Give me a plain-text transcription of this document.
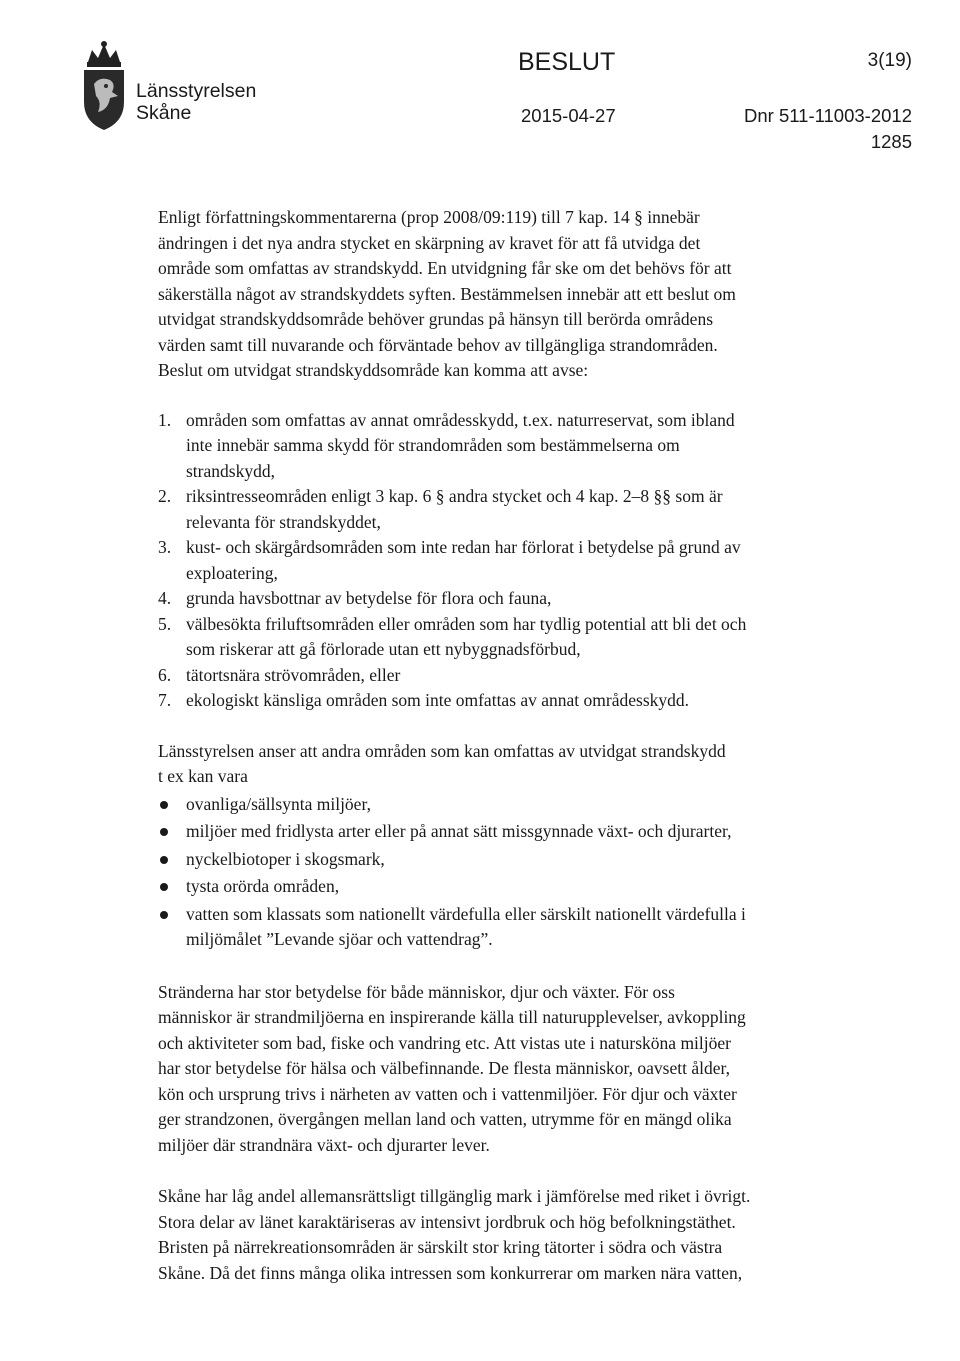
Länsstyrelsen
Skåne
BESLUT	3(19)
2015-04-27	Dnr 511-11003-2012
1285

Enligt författningskommentarerna (prop 2008/09:119) till 7 kap. 14 § innebär
ändringen i det nya andra stycket en skärpning av kravet för att få utvidga det
område som omfattas av strandskydd. En utvidgning får ske om det behövs för att
säkerställa något av strandskyddets syften. Bestämmelsen innebär att ett beslut om
utvidgat strandskyddsområde behöver grundas på hänsyn till berörda områdens
värden samt till nuvarande och förväntade behov av tillgängliga strandområden.
Beslut om utvidgat strandskyddsområde kan komma att avse:

1. områden som omfattas av annat områdesskydd, t.ex. naturreservat, som ibland
inte innebär samma skydd för strandområden som bestämmelserna om
strandskydd,
2. riksintresseområden enligt 3 kap. 6 § andra stycket och 4 kap. 2–8 §§ som är
relevanta för strandskyddet,
3. kust- och skärgårdsområden som inte redan har förlorat i betydelse på grund av
exploatering,
4. grunda havsbottnar av betydelse för flora och fauna,
5. välbesökta friluftsområden eller områden som har tydlig potential att bli det och
som riskerar att gå förlorade utan ett nybyggnadsförbud,
6. tätortsnära strövområden, eller
7. ekologiskt känsliga områden som inte omfattas av annat områdesskydd.

Länsstyrelsen anser att andra områden som kan omfattas av utvidgat strandskydd
t ex kan vara

ovanliga/sällsynta miljöer,
miljöer med fridlysta arter eller på annat sätt missgynnade växt- och djurarter,
nyckelbiotoper i skogsmark,
tysta orörda områden,
vatten som klassats som nationellt värdefulla eller särskilt nationellt värdefulla i
miljömålet ”Levande sjöar och vattendrag”.

Stränderna har stor betydelse för både människor, djur och växter. För oss
människor är strandmiljöerna en inspirerande källa till naturupplevelser, avkoppling
och aktiviteter som bad, fiske och vandring etc. Att vistas ute i natursköna miljöer
har stor betydelse för hälsa och välbefinnande. De flesta människor, oavsett ålder,
kön och ursprung trivs i närheten av vatten och i vattenmiljöer. För djur och växter
ger strandzonen, övergången mellan land och vatten, utrymme för en mängd olika
miljöer där strandnära växt- och djurarter lever.

Skåne har låg andel allemansrättsligt tillgänglig mark i jämförelse med riket i övrigt.
Stora delar av länet karaktäriseras av intensivt jordbruk och hög befolkningstäthet.
Bristen på närrekreationsområden är särskilt stor kring tätorter i södra och västra
Skåne. Då det finns många olika intressen som konkurrerar om marken nära vatten,
